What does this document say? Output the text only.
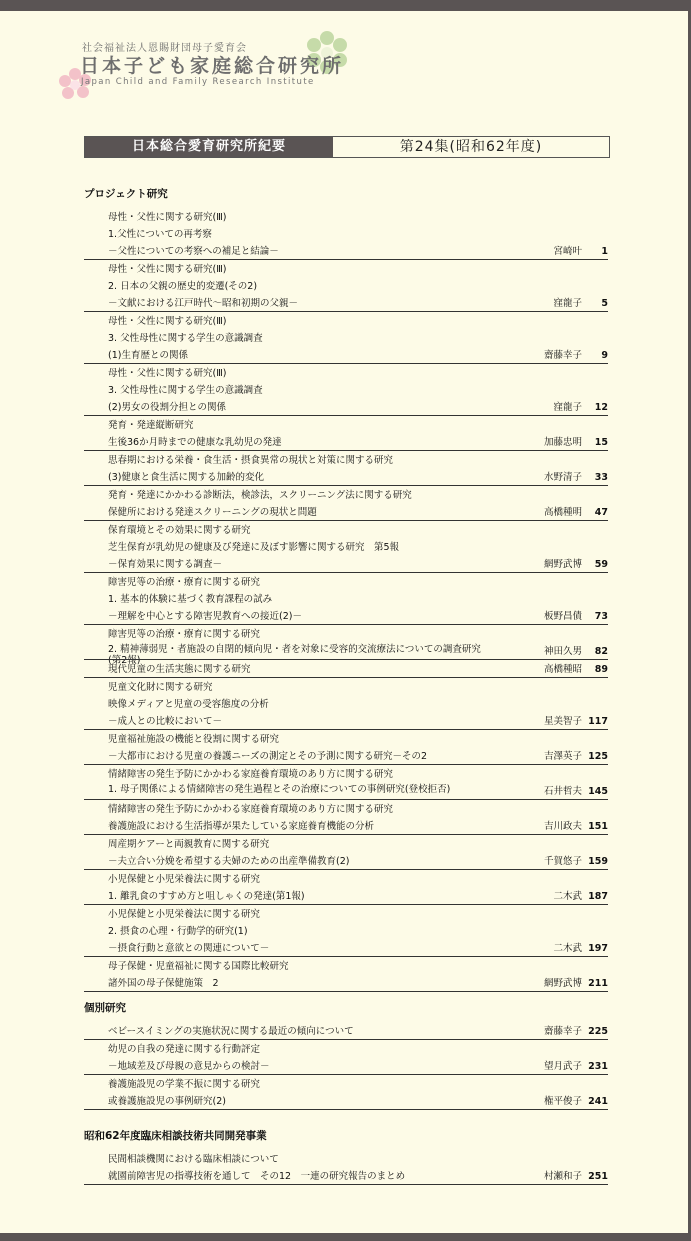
社会福祉法人恩賜財団母子愛育会
日本子ども家庭総合研究所
Japan Child and Family Research Institute
日本総合愛育研究所紀要	第24集(昭和62年度)
プロジェクト研究
母性・父性に関する研究(Ⅲ)
1.父性についての再考察
－父性についての考察への補足と結論－	宮崎叶	1
母性・父性に関する研究(Ⅲ)
2. 日本の父親の歴史的変遷(その2)
－文献における江戸時代～昭和初期の父親－	窪龍子	5
母性・父性に関する研究(Ⅲ)
3. 父性母性に関する学生の意識調査
(1)生育歴との関係	齋藤幸子	9
母性・父性に関する研究(Ⅲ)
3. 父性母性に関する学生の意識調査
(2)男女の役割分担との関係	窪龍子	12
発育・発達縦断研究
生後36か月時までの健康な乳幼児の発達	加藤忠明	15
思春期における栄養・食生活・摂食異常の現状と対策に関する研究
(3)健康と食生活に関する加齢的変化	水野清子	33
発育・発達にかかわる診断法，検診法，スクリーニング法に関する研究
保健所における発達スクリーニングの現状と問題	高橋種明	47
保育環境とその効果に関する研究
芝生保育が乳幼児の健康及び発達に及ぼす影響に関する研究　第5報
－保育効果に関する調査－	網野武博	59
障害児等の治療・療育に関する研究
1. 基本的体験に基づく教育課程の試み
－理解を中心とする障害児教育への接近(2)－	板野昌債	73
障害児等の治療・療育に関する研究
2. 精神薄弱児・者施設の自閉的傾向児・者を対象に受容的交流療法についての調査研究(第2報)
神田久男	82
現代児童の生活実態に関する研究	高橋種昭	89
児童文化財に関する研究
映像メディアと児童の受容態度の分析
－成人との比較において－	星美智子 117
児童福祉施設の機能と役割に関する研究
－大都市における児童の養護ニーズの測定とその予測に関する研究－その2	吉澤英子 125
情緒障害の発生予防にかかわる家庭養育環境のあり方に関する研究
1. 母子関係による情緒障害の発生過程とその治療についての事例研究(登校拒否)	石井哲夫 145
情緒障害の発生予防にかかわる家庭養育環境のあり方に関する研究
養護施設における生活指導が果たしている家庭養育機能の分析	吉川政夫 151
周産期ケアーと両親教育に関する研究
－夫立合い分娩を希望する夫婦のための出産準備教育(2)	千賀悠子 159
小児保健と小児栄養法に関する研究
1. 離乳食のすすめ方と咀しゃくの発達(第1報)	二木武 187
小児保健と小児栄養法に関する研究
2. 摂食の心理・行動学的研究(1)
－摂食行動と意欲との関連について－	二木武 197
母子保健・児童福祉に関する国際比較研究
諸外国の母子保健施策　2	網野武博 211
個別研究
ベビースイミングの実施状況に関する最近の傾向について	齋藤幸子 225
幼児の自我の発達に関する行動評定
－地域差及び母親の意見からの検討－	望月武子 231
養護施設児の学業不振に関する研究
或養護施設児の事例研究(2)	権平俊子 241
昭和62年度臨床相談技術共同開発事業
民間相談機関における臨床相談について
就園前障害児の指導技術を通して　その12　一連の研究報告のまとめ	村瀬和子 251
